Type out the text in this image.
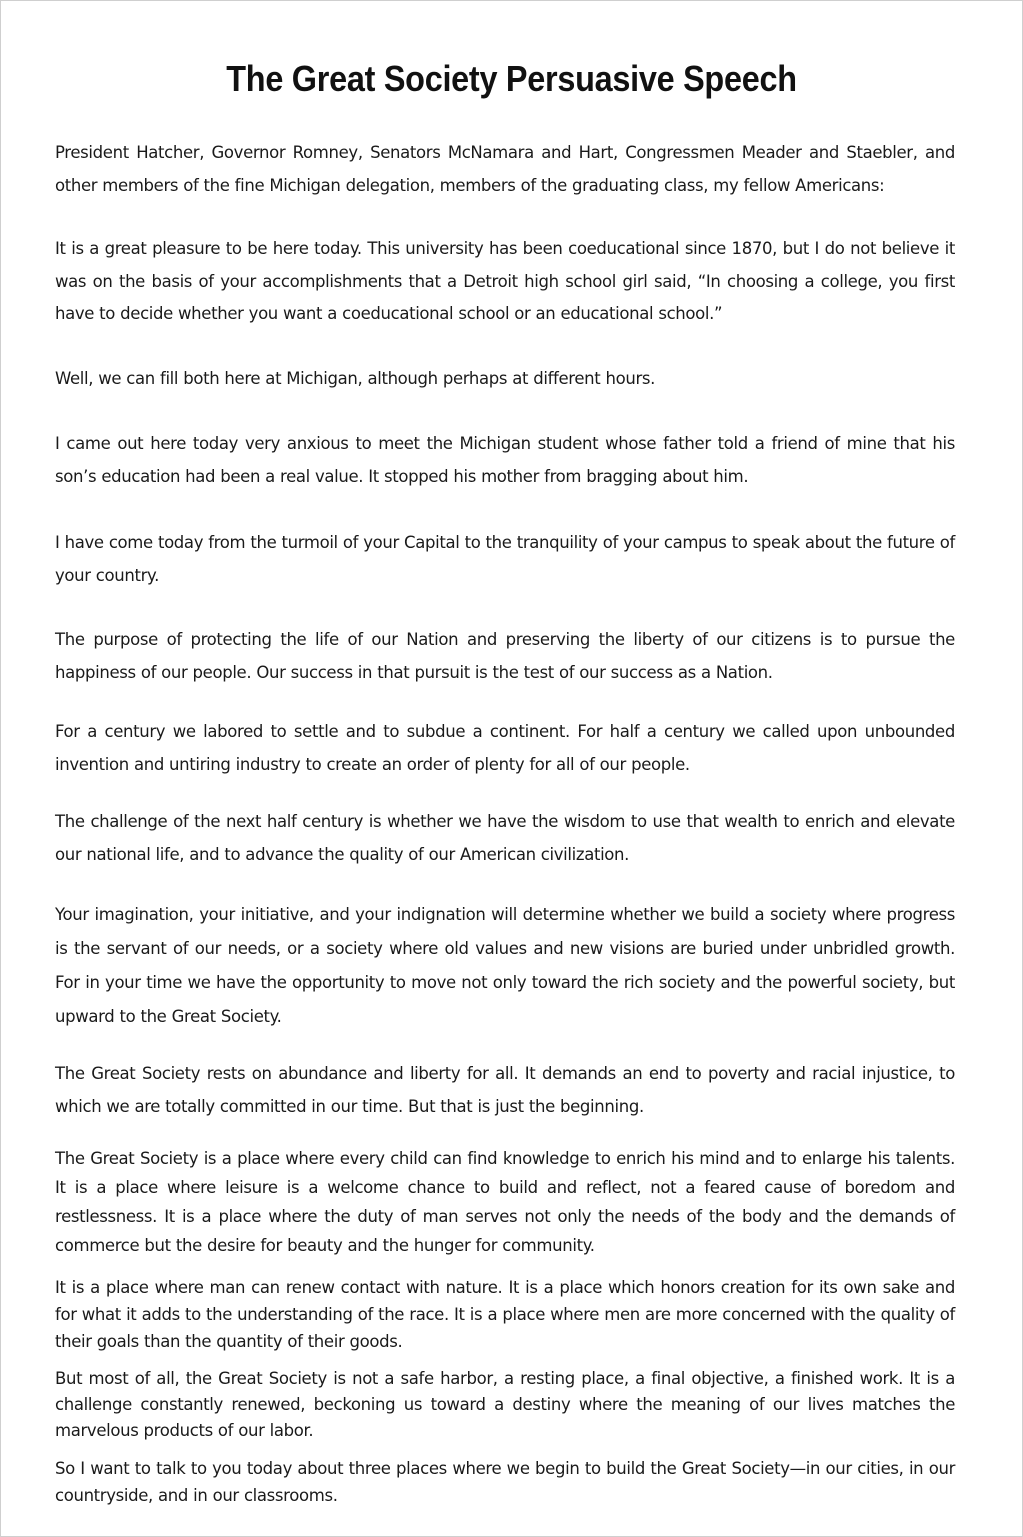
The Great Society Persuasive Speech

President Hatcher, Governor Romney, Senators McNamara and Hart, Congressmen Meader and Staebler, and other members of the fine Michigan delegation, members of the graduating class, my fellow Americans:

It is a great pleasure to be here today. This university has been coeducational since 1870, but I do not believe it was on the basis of your accomplishments that a Detroit high school girl said, “In choosing a college, you first have to decide whether you want a coeducational school or an educational school.”

Well, we can fill both here at Michigan, although perhaps at different hours.

I came out here today very anxious to meet the Michigan student whose father told a friend of mine that his son’s education had been a real value. It stopped his mother from bragging about him.

I have come today from the turmoil of your Capital to the tranquility of your campus to speak about the future of your country.

The purpose of protecting the life of our Nation and preserving the liberty of our citizens is to pursue the happiness of our people. Our success in that pursuit is the test of our success as a Nation.

For a century we labored to settle and to subdue a continent. For half a century we called upon unbounded invention and untiring industry to create an order of plenty for all of our people.

The challenge of the next half century is whether we have the wisdom to use that wealth to enrich and elevate our national life, and to advance the quality of our American civilization.

Your imagination, your initiative, and your indignation will determine whether we build a society where progress is the servant of our needs, or a society where old values and new visions are buried under unbridled growth. For in your time we have the opportunity to move not only toward the rich society and the powerful society, but upward to the Great Society.

The Great Society rests on abundance and liberty for all. It demands an end to poverty and racial injustice, to which we are totally committed in our time. But that is just the beginning.

The Great Society is a place where every child can find knowledge to enrich his mind and to enlarge his talents. It is a place where leisure is a welcome chance to build and reflect, not a feared cause of boredom and restlessness. It is a place where the duty of man serves not only the needs of the body and the demands of commerce but the desire for beauty and the hunger for community.

It is a place where man can renew contact with nature. It is a place which honors creation for its own sake and for what it adds to the understanding of the race. It is a place where men are more concerned with the quality of their goals than the quantity of their goods.

But most of all, the Great Society is not a safe harbor, a resting place, a final objective, a finished work. It is a challenge constantly renewed, beckoning us toward a destiny where the meaning of our lives matches the marvelous products of our labor.

So I want to talk to you today about three places where we begin to build the Great Society—in our cities, in our countryside, and in our classrooms.
